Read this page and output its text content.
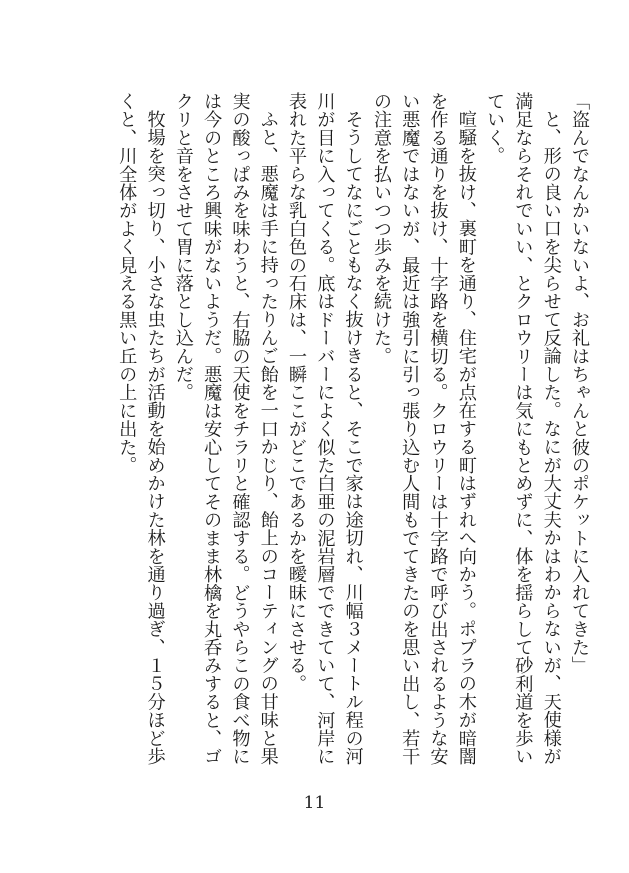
「盗んでなんかいないよ、お礼はちゃんと彼のポケットに入れてきた」

と、形の良い口を尖らせて反論した。なにが大丈夫かはわからないが、天使様が満足ならそれでいい、とクロウリーは気にもとめずに、体を揺らして砂利道を歩いていく。

喧騒を抜け、裏町を通り、住宅が点在する町はずれへ向かう。ポプラの木が暗闇を作る通りを抜け、十字路を横切る。クロウリーは十字路で呼び出されるような安い悪魔ではないが、最近は強引に引っ張り込む人間もでてきたのを思い出し、若干の注意を払いつつ歩みを続けた。

そうしてなにごともなく抜けきると、そこで家は途切れ、川幅３メートル程の河川が目に入ってくる。底はドーバーによく似た白亜の泥岩層でできていて、河岸に表れた平らな乳白色の石床は、一瞬ここがどこであるかを曖昧にさせる。

ふと、悪魔は手に持ったりんご飴を一口かじり、飴上のコーティングの甘味と果実の酸っぱみを味わうと、右脇の天使をチラリと確認する。どうやらこの食べ物には今のところ興味がないようだ。悪魔は安心してそのまま林檎を丸呑みすると、ゴクリと音をさせて胃に落とし込んだ。

牧場を突っ切り、小さな虫たちが活動を始めかけた林を通り過ぎ、１５分ほど歩くと、川全体がよく見える黒い丘の上に出た。

11
